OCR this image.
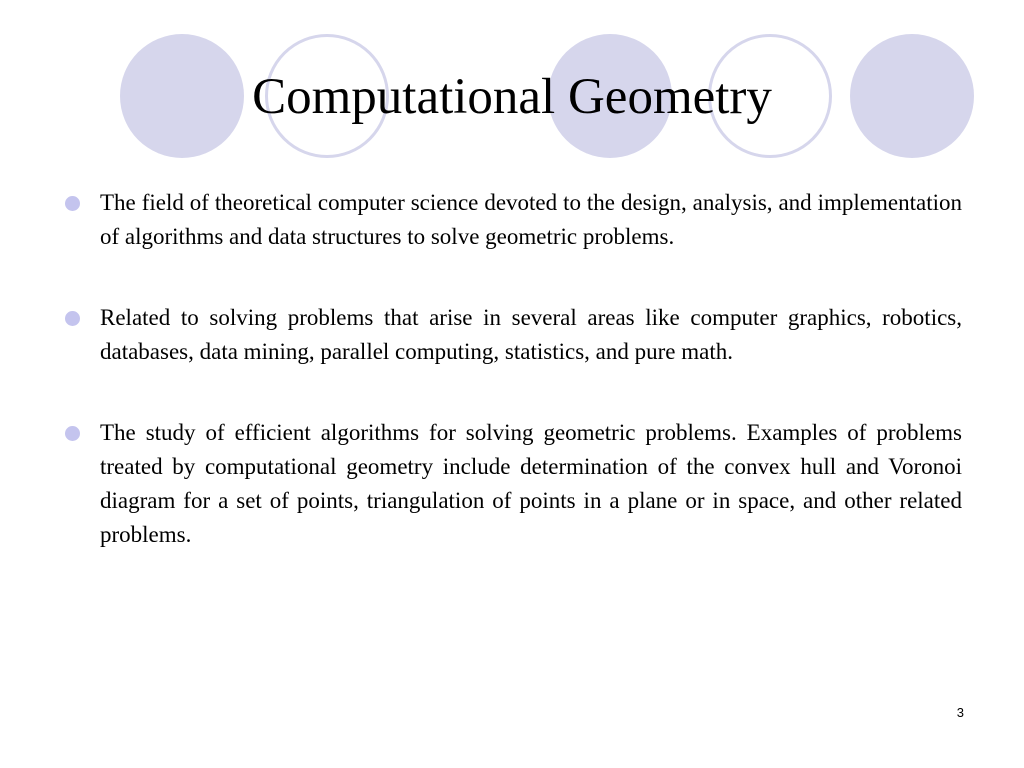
Computational Geometry
The field of theoretical computer science devoted to the design, analysis, and implementation of algorithms and data structures to solve geometric problems.
Related to solving problems that arise in several areas like computer graphics, robotics, databases, data mining, parallel computing, statistics, and pure math.
The study of efficient algorithms for solving geometric problems. Examples of problems treated by computational geometry include determination of the convex hull and Voronoi diagram for a set of points, triangulation of points in a plane or in space, and other related problems.
3
